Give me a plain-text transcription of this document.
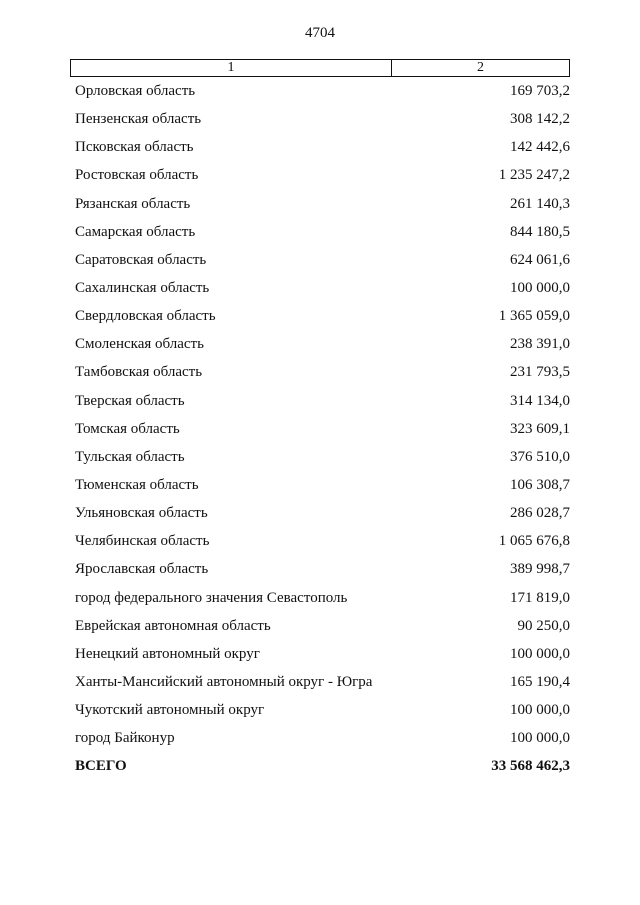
4704
1	2
Орловская область	169 703,2
Пензенская область	308 142,2
Псковская область	142 442,6
Ростовская область	1 235 247,2
Рязанская область	261 140,3
Самарская область	844 180,5
Саратовская область	624 061,6
Сахалинская область	100 000,0
Свердловская область	1 365 059,0
Смоленская область	238 391,0
Тамбовская область	231 793,5
Тверская область	314 134,0
Томская область	323 609,1
Тульская область	376 510,0
Тюменская область	106 308,7
Ульяновская область	286 028,7
Челябинская область	1 065 676,8
Ярославская область	389 998,7
город федерального значения Севастополь	171 819,0
Еврейская автономная область	90 250,0
Ненецкий автономный округ	100 000,0
Ханты-Мансийский автономный округ - Югра	165 190,4
Чукотский автономный округ	100 000,0
город Байконур	100 000,0
ВСЕГО	33 568 462,3
